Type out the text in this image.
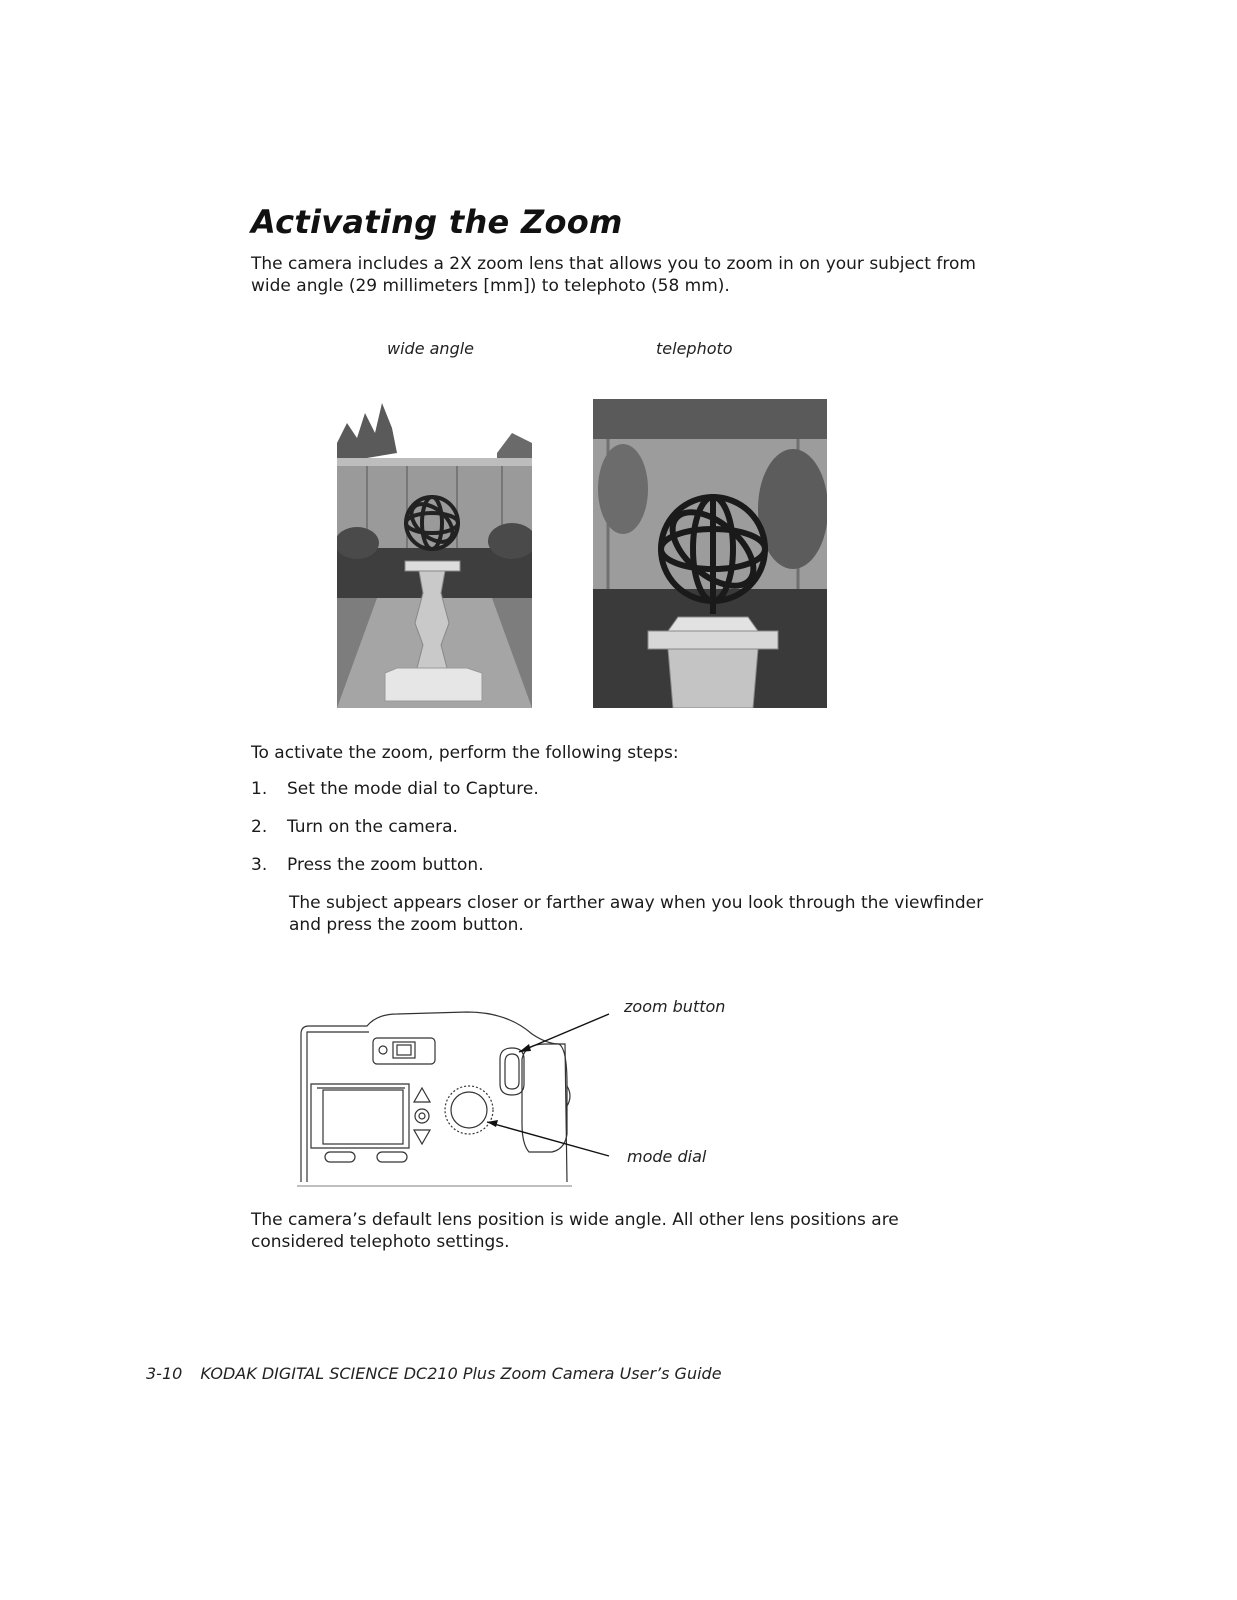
Activating the Zoom
The camera includes a 2X zoom lens that allows you to zoom in on your subject from wide angle (29 millimeters [mm]) to telephoto (58 mm).
wide angle	telephoto
To activate the zoom, perform the following steps:
1. Set the mode dial to Capture.
2. Turn on the camera.
3. Press the zoom button.
The subject appears closer or farther away when you look through the viewfinder and press the zoom button.
zoom button
mode dial
The camera’s default lens position is wide angle. All other lens positions are considered telephoto settings.
3-10 KODAK DIGITAL SCIENCE DC210 Plus Zoom Camera User’s Guide
